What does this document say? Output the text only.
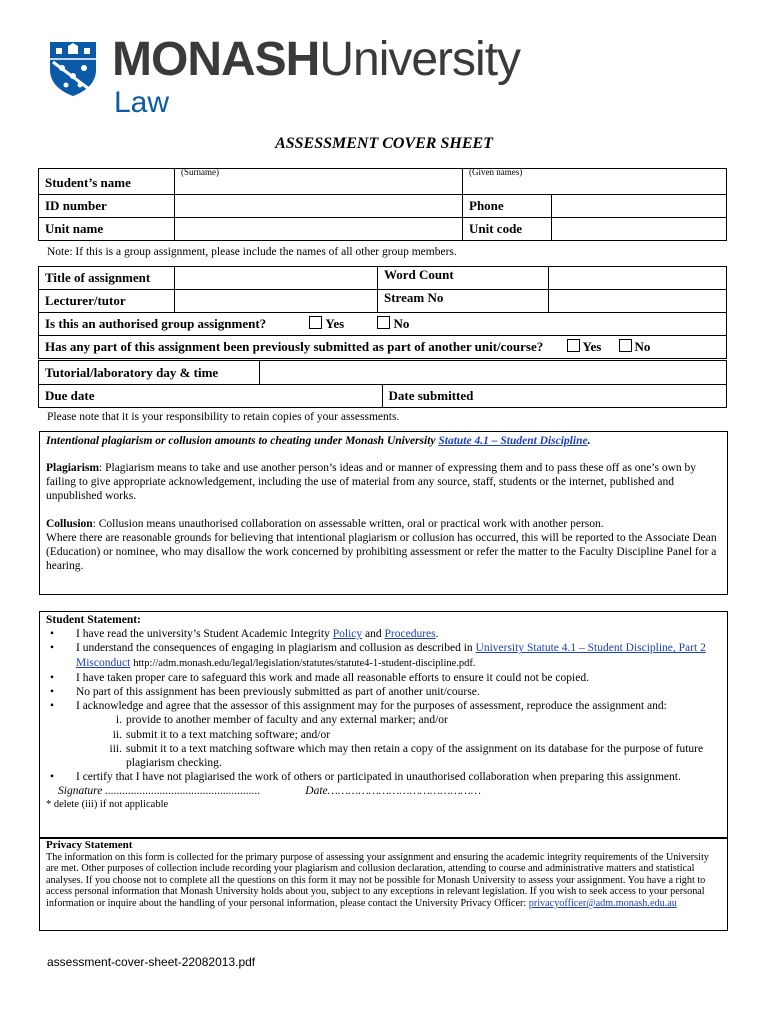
MONASHUniversity
Law
ASSESSMENT COVER SHEET
Student’s name	(Surname)	(Given names)	

ID number		Phone	
Unit name		Unit code	
Note: If this is a group assignment, please include the names of all other group members.
Title of assignment		Word Count	
Lecturer/tutor		Stream No	
Is this an authorised group assignment? Yes No			
Has any part of this assignment been previously submitted as part of another unit/course? Yes No			
Tutorial/laboratory day & time		
Due date		Date submitted
Please note that it is your responsibility to retain copies of your assessments.
Intentional plagiarism or collusion amounts to cheating under Monash University Statute 4.1 – Student Discipline.
Plagiarism: Plagiarism means to take and use another person’s ideas and or manner of expressing them and to pass these off as one’s own by failing to give appropriate acknowledgement, including the use of material from any source, staff, students or the internet, published and unpublished works.
Collusion: Collusion means unauthorised collaboration on assessable written, oral or practical work with another person.
Where there are reasonable grounds for believing that intentional plagiarism or collusion has occurred, this will be reported to the Associate Dean (Education) or nominee, who may disallow the work concerned by prohibiting assessment or refer the matter to the Faculty Discipline Panel for a hearing.
Student Statement:
• I have read the university’s Student Academic Integrity Policy and Procedures.
• I understand the consequences of engaging in plagiarism and collusion as described in University Statute 4.1 – Student Discipline, Part 2 Misconduct http://adm.monash.edu/legal/legislation/statutes/statute4-1-student-discipline.pdf.
• I have taken proper care to safeguard this work and made all reasonable efforts to ensure it could not be copied.
• No part of this assignment has been previously submitted as part of another unit/course.
• I acknowledge and agree that the assessor of this assignment may for the purposes of assessment, reproduce the assignment and:
i. provide to another member of faculty and any external marker; and/or
ii. submit it to a text matching software; and/or
iii. submit it to a text matching software which may then retain a copy of the assignment on its database for the purpose of future plagiarism checking.
• I certify that I have not plagiarised the work of others or participated in unauthorised collaboration when preparing this assignment.
Signature ......................................................	Date………………………………………
* delete (iii) if not applicable
Privacy Statement
The information on this form is collected for the primary purpose of assessing your assignment and ensuring the academic integrity requirements of the University are met. Other purposes of collection include recording your plagiarism and collusion declaration, attending to course and administrative matters and statistical analyses. If you choose not to complete all the questions on this form it may not be possible for Monash University to assess your assignment. You have a right to access personal information that Monash University holds about you, subject to any exceptions in relevant legislation. If you wish to seek access to your personal information or inquire about the handling of your personal information, please contact the University Privacy Officer: privacyofficer@adm.monash.edu.au
assessment-cover-sheet-22082013.pdf
